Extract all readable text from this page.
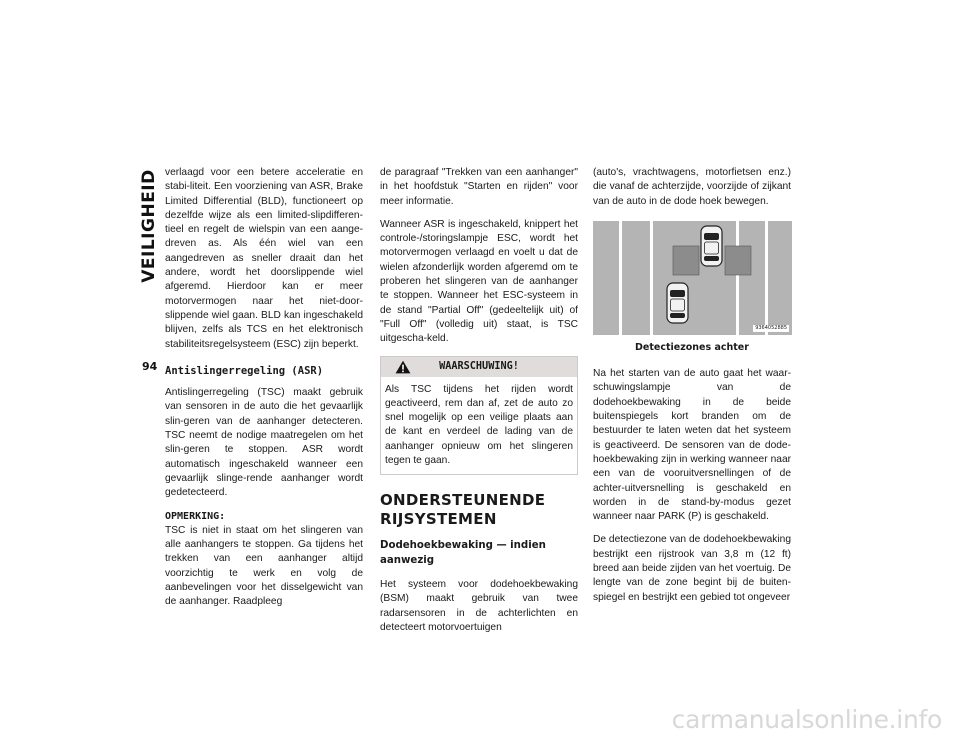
VEILIGHEID
94

verlaagd voor een betere acceleratie en stabi-liteit. Een voorziening van ASR, Brake Limited Differential (BLD), functioneert op dezelfde wijze als een limited-slipdifferen-tieel en regelt de wielspin van een aange-dreven as. Als één wiel van een aangedreven as sneller draait dan het andere, wordt het doorslippende wiel afgeremd. Hierdoor kan er meer motorvermogen naar het niet-door-slippende wiel gaan. BLD kan ingeschakeld blijven, zelfs als TCS en het elektronisch stabiliteitsregelsysteem (ESC) zijn beperkt.

Antislingerregeling (ASR)

Antislingerregeling (TSC) maakt gebruik van sensoren in de auto die het gevaarlijk slin-geren van de aanhanger detecteren. TSC neemt de nodige maatregelen om het slin-geren te stoppen. ASR wordt automatisch ingeschakeld wanneer een gevaarlijk slinge-rende aanhanger wordt gedetecteerd.

OPMERKING:
TSC is niet in staat om het slingeren van alle aanhangers te stoppen. Ga tijdens het trekken van een aanhanger altijd voorzichtig te werk en volg de aanbevelingen voor het disselgewicht van de aanhanger. Raadpleeg

de paragraaf "Trekken van een aanhanger" in het hoofdstuk "Starten en rijden" voor meer informatie.

Wanneer ASR is ingeschakeld, knippert het controle-/storingslampje ESC, wordt het motorvermogen verlaagd en voelt u dat de wielen afzonderlijk worden afgeremd om te proberen het slingeren van de aanhanger te stoppen. Wanneer het ESC-systeem in de stand "Partial Off" (gedeeltelijk uit) of "Full Off" (volledig uit) staat, is TSC uitgescha-keld.

WAARSCHUWING!
Als TSC tijdens het rijden wordt geactiveerd, rem dan af, zet de auto zo snel mogelijk op een veilige plaats aan de kant en verdeel de lading van de aanhanger opnieuw om het slingeren tegen te gaan.
ONDERSTEUNENDE
RIJSYSTEMEN
Dodehoekbewaking — indien aanwezig

Het systeem voor dodehoekbewaking (BSM) maakt gebruik van twee radarsensoren in de achterlichten en detecteert motorvoertuigen

(auto's, vrachtwagens, motorfietsen enz.) die vanaf de achterzijde, voorzijde of zijkant van de auto in de dode hoek bewegen.

9364052885
Detectiezones achter

Na het starten van de auto gaat het waar-schuwingslampje van de dodehoekbewaking in de beide buitenspiegels kort branden om de bestuurder te laten weten dat het systeem is geactiveerd. De sensoren van de dode-hoekbewaking zijn in werking wanneer naar een van de vooruitversnellingen of de achter-uitversnelling is geschakeld en worden in de stand-by-modus gezet wanneer naar PARK (P) is geschakeld.

De detectiezone van de dodehoekbewaking bestrijkt een rijstrook van 3,8 m (12 ft) breed aan beide zijden van het voertuig. De lengte van de zone begint bij de buiten-spiegel en bestrijkt een gebied tot ongeveer

carmanualsonline.info
